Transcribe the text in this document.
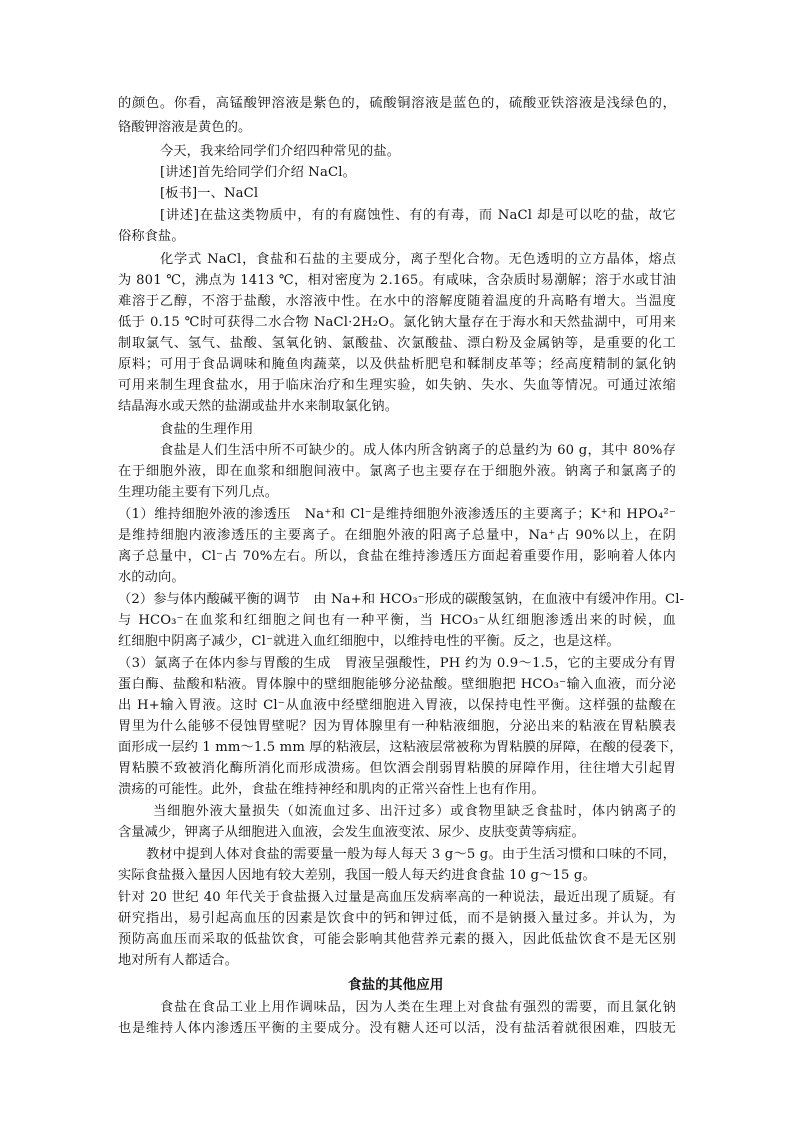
的颜色。你看，高锰酸钾溶液是紫色的，硫酸铜溶液是蓝色的，硫酸亚铁溶液是浅绿色的，
铬酸钾溶液是黄色的。
今天，我来给同学们介绍四种常见的盐。
[讲述]首先给同学们介绍 NaCl。
[板书]一、NaCl
[讲述]在盐这类物质中，有的有腐蚀性、有的有毒，而 NaCl 却是可以吃的盐，故它
俗称食盐。
化学式 NaCl，食盐和石盐的主要成分，离子型化合物。无色透明的立方晶体，熔点
为 801 ℃，沸点为 1413 ℃，相对密度为 2.165。有咸味，含杂质时易潮解；溶于水或甘油
难溶于乙醇，不溶于盐酸，水溶液中性。在水中的溶解度随着温度的升高略有增大。当温度
低于 0.15 ℃时可获得二水合物 NaCl·2H₂O。氯化钠大量存在于海水和天然盐湖中，可用来
制取氯气、氢气、盐酸、氢氧化钠、氯酸盐、次氯酸盐、漂白粉及金属钠等，是重要的化工
原料；可用于食品调味和腌鱼肉蔬菜，以及供盐析肥皂和鞣制皮革等；经高度精制的氯化钠
可用来制生理食盐水，用于临床治疗和生理实验，如失钠、失水、失血等情况。可通过浓缩
结晶海水或天然的盐湖或盐井水来制取氯化钠。
食盐的生理作用
食盐是人们生活中所不可缺少的。成人体内所含钠离子的总量约为 60 g，其中 80%存
在于细胞外液，即在血浆和细胞间液中。氯离子也主要存在于细胞外液。钠离子和氯离子的
生理功能主要有下列几点。
（1）维持细胞外液的渗透压　Na⁺和 Cl⁻是维持细胞外液渗透压的主要离子；K⁺和 HPO₄²⁻
是维持细胞内液渗透压的主要离子。在细胞外液的阳离子总量中，Na⁺占 90%以上，在阴
离子总量中，Cl⁻占 70%左右。所以，食盐在维持渗透压方面起着重要作用，影响着人体内
水的动向。
（2）参与体内酸碱平衡的调节　由 Na+和 HCO₃⁻形成的碳酸氢钠，在血液中有缓冲作用。Cl-
与 HCO₃⁻在血浆和红细胞之间也有一种平衡，当 HCO₃⁻从红细胞渗透出来的时候，血
红细胞中阴离子减少，Cl⁻就进入血红细胞中，以维持电性的平衡。反之，也是这样。
（3）氯离子在体内参与胃酸的生成　胃液呈强酸性，PH 约为 0.9～1.5，它的主要成分有胃
蛋白酶、盐酸和粘液。胃体腺中的壁细胞能够分泌盐酸。壁细胞把 HCO₃⁻输入血液，而分泌
出 H+输入胃液。这时 Cl⁻从血液中经壁细胞进入胃液，以保持电性平衡。这样强的盐酸在
胃里为什么能够不侵蚀胃壁呢？因为胃体腺里有一种粘液细胞，分泌出来的粘液在胃粘膜表
面形成一层约 1 mm～1.5 mm 厚的粘液层，这粘液层常被称为胃粘膜的屏障，在酸的侵袭下，
胃粘膜不致被消化酶所消化而形成溃疡。但饮酒会削弱胃粘膜的屏障作用，往往增大引起胃
溃疡的可能性。此外，食盐在维持神经和肌肉的正常兴奋性上也有作用。
当细胞外液大量损失（如流血过多、出汗过多）或食物里缺乏食盐时，体内钠离子的
含量减少，钾离子从细胞进入血液，会发生血液变浓、尿少、皮肤变黄等病症。
教材中提到人体对食盐的需要量一般为每人每天 3 g～5 g。由于生活习惯和口味的不同，
实际食盐摄入量因人因地有较大差别，我国一般人每天约进食食盐 10 g～15 g。
针对 20 世纪 40 年代关于食盐摄入过量是高血压发病率高的一种说法，最近出现了质疑。有
研究指出，易引起高血压的因素是饮食中的钙和钾过低，而不是钠摄入量过多。并认为，为
预防高血压而采取的低盐饮食，可能会影响其他营养元素的摄入，因此低盐饮食不是无区别
地对所有人都适合。
食盐的其他应用
食盐在食品工业上用作调味品，因为人类在生理上对食盐有强烈的需要，而且氯化钠
也是维持人体内渗透压平衡的主要成分。没有糖人还可以活，没有盐活着就很困难，四肢无
